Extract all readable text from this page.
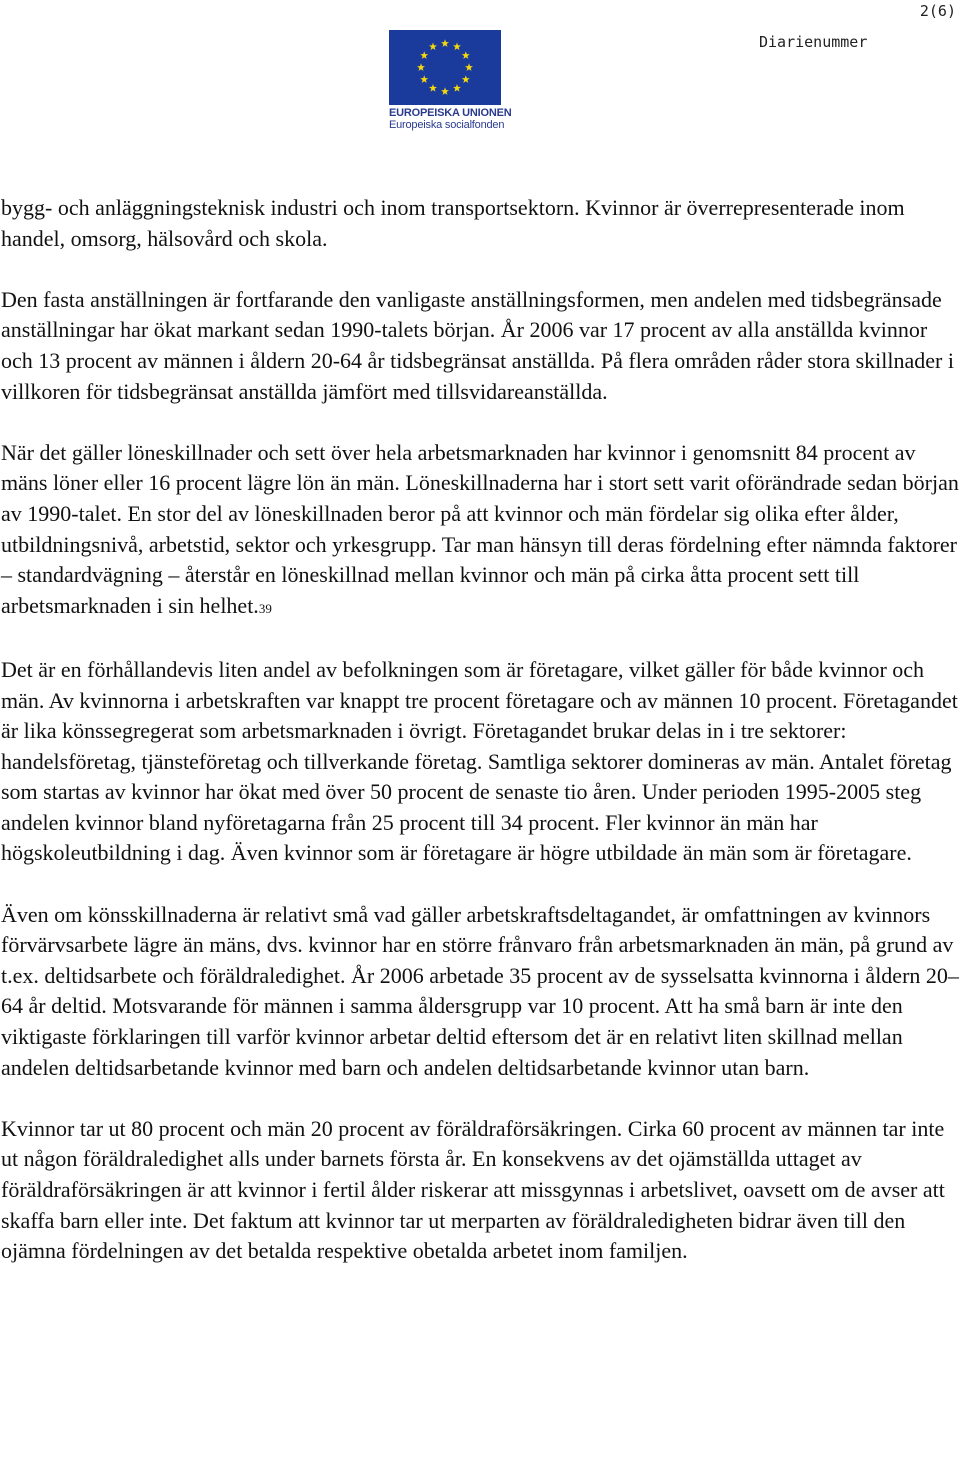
2(6)
Diarienummer
EUROPEISKA UNIONEN
Europeiska socialfonden

bygg- och anläggningsteknisk industri och inom transportsektorn. Kvinnor är överrepresenterade inom handel, omsorg, hälsovård och skola.

Den fasta anställningen är fortfarande den vanligaste anställningsformen, men andelen med tidsbegränsade anställningar har ökat markant sedan 1990-talets början. År 2006 var 17 procent av alla anställda kvinnor och 13 procent av männen i åldern 20-64 år tidsbegränsat anställda. På flera områden råder stora skillnader i villkoren för tidsbegränsat anställda jämfört med tillsvidareanställda.

När det gäller löneskillnader och sett över hela arbetsmarknaden har kvinnor i genomsnitt 84 procent av mäns löner eller 16 procent lägre lön än män. Löneskillnaderna har i stort sett varit oförändrade sedan början av 1990-talet. En stor del av löneskillnaden beror på att kvinnor och män fördelar sig olika efter ålder, utbildningsnivå, arbetstid, sektor och yrkesgrupp. Tar man hänsyn till deras fördelning efter nämnda faktorer – standardvägning – återstår en löneskillnad mellan kvinnor och män på cirka åtta procent sett till arbetsmarknaden i sin helhet.39

Det är en förhållandevis liten andel av befolkningen som är företagare, vilket gäller för både kvinnor och män. Av kvinnorna i arbetskraften var knappt tre procent företagare och av männen 10 procent. Företagandet är lika könssegregerat som arbetsmarknaden i övrigt. Företagandet brukar delas in i tre sektorer: handelsföretag, tjänsteföretag och tillverkande företag. Samtliga sektorer domineras av män. Antalet företag som startas av kvinnor har ökat med över 50 procent de senaste tio åren. Under perioden 1995-2005 steg andelen kvinnor bland nyföretagarna från 25 procent till 34 procent. Fler kvinnor än män har högskoleutbildning i dag. Även kvinnor som är företagare är högre utbildade än män som är företagare.

Även om könsskillnaderna är relativt små vad gäller arbetskraftsdeltagandet, är omfattningen av kvinnors förvärvsarbete lägre än mäns, dvs. kvinnor har en större frånvaro från arbetsmarknaden än män, på grund av t.ex. deltidsarbete och föräldraledighet. År 2006 arbetade 35 procent av de sysselsatta kvinnorna i åldern 20–64 år deltid. Motsvarande för männen i samma åldersgrupp var 10 procent. Att ha små barn är inte den viktigaste förklaringen till varför kvinnor arbetar deltid eftersom det är en relativt liten skillnad mellan andelen deltidsarbetande kvinnor med barn och andelen deltidsarbetande kvinnor utan barn.

Kvinnor tar ut 80 procent och män 20 procent av föräldraförsäkringen. Cirka 60 procent av männen tar inte ut någon föräldraledighet alls under barnets första år. En konsekvens av det ojämställda uttaget av föräldraförsäkringen är att kvinnor i fertil ålder riskerar att missgynnas i arbetslivet, oavsett om de avser att skaffa barn eller inte. Det faktum att kvinnor tar ut merparten av föräldraledigheten bidrar även till den ojämna fördelningen av det betalda respektive obetalda arbetet inom familjen.
